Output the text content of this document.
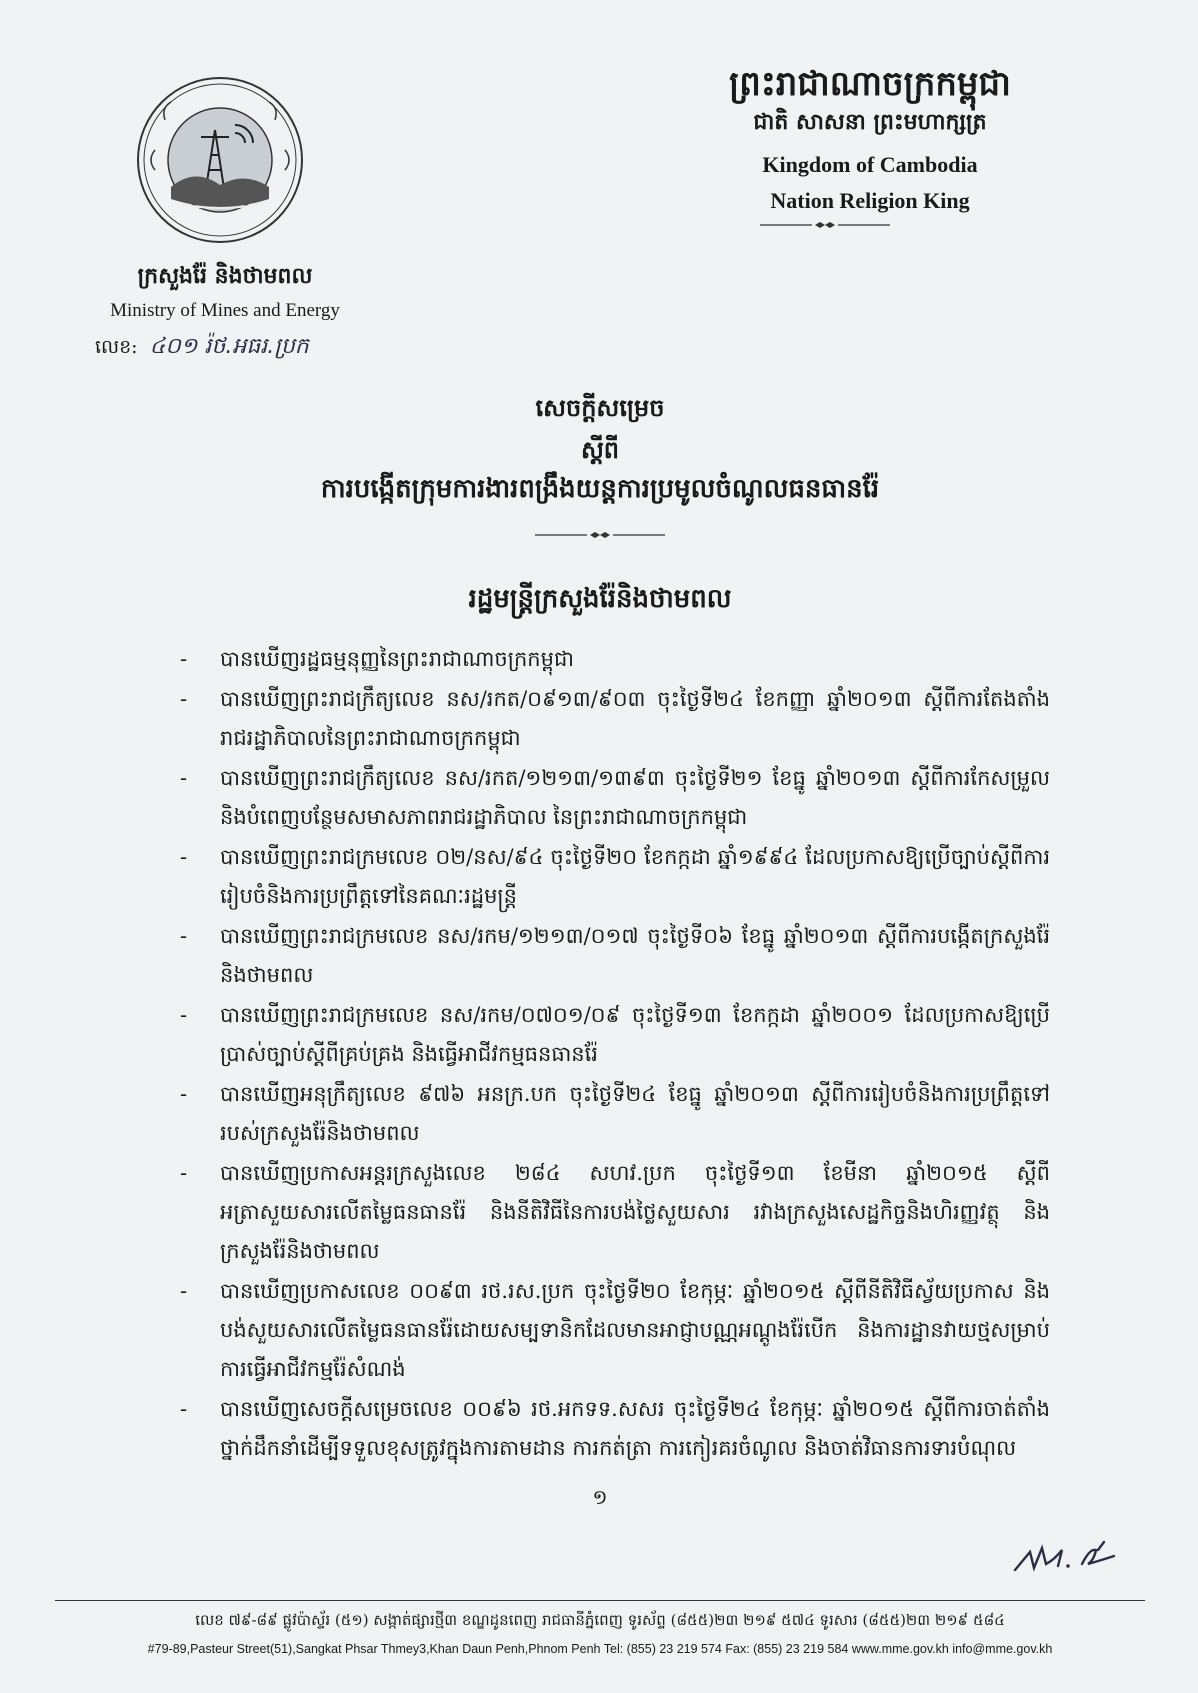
ក្រសួងរ៉ែ និងថាមពល
Ministry of Mines and Energy
លេខ: ៤០១ រ៉ថ.អធរ.ប្រក
ព្រះរាជាណាចក្រកម្ពុជា
ជាតិ សាសនា ព្រះមហាក្សត្រ
Kingdom of Cambodia
Nation Religion King
សេចក្តីសម្រេច
ស្តីពី
ការបង្កើតក្រុមការងារពង្រឹងយន្តការប្រមូលចំណូលធនធានរ៉ែ
រដ្ឋមន្ត្រីក្រសួងរ៉ែនិងថាមពល
- បានឃើញរដ្ឋធម្មនុញ្ញនៃព្រះរាជាណាចក្រកម្ពុជា
- បានឃើញព្រះរាជក្រឹត្យលេខ នស/រកត/០៩១៣/៩០៣ ចុះថ្ងៃទី២៤ ខែកញ្ញា ឆ្នាំ២០១៣ ស្តីពីការតែងតាំងរាជរដ្ឋាភិបាលនៃព្រះរាជាណាចក្រកម្ពុជា
- បានឃើញព្រះរាជក្រឹត្យលេខ នស/រកត/១២១៣/១៣៩៣ ចុះថ្ងៃទី២១ ខែធ្នូ ឆ្នាំ២០១៣ ស្តីពីការកែសម្រួលនិងបំពេញបន្ថែមសមាសភាពរាជរដ្ឋាភិបាល នៃព្រះរាជាណាចក្រកម្ពុជា
- បានឃើញព្រះរាជក្រមលេខ ០២/នស/៩៤ ចុះថ្ងៃទី២០ ខែកក្កដា ឆ្នាំ១៩៩៤ ដែលប្រកាសឱ្យប្រើច្បាប់ស្តីពីការរៀបចំនិងការប្រព្រឹត្តទៅនៃគណៈរដ្ឋមន្ត្រី
- បានឃើញព្រះរាជក្រមលេខ នស/រកម/១២១៣/០១៧ ចុះថ្ងៃទី០៦ ខែធ្នូ ឆ្នាំ២០១៣ ស្តីពីការបង្កើតក្រសួងរ៉ែនិងថាមពល
- បានឃើញព្រះរាជក្រមលេខ នស/រកម/០៧០១/០៩ ចុះថ្ងៃទី១៣ ខែកក្កដា ឆ្នាំ២០០១ ដែលប្រកាសឱ្យប្រើប្រាស់ច្បាប់ស្តីពីគ្រប់គ្រង និងធ្វើអាជីវកម្មធនធានរ៉ែ
- បានឃើញអនុក្រឹត្យលេខ ៩៧៦ អនក្រ.បក ចុះថ្ងៃទី២៤ ខែធ្នូ ឆ្នាំ២០១៣ ស្តីពីការរៀបចំនិងការប្រព្រឹត្តទៅរបស់ក្រសួងរ៉ែនិងថាមពល
- បានឃើញប្រកាសអន្តរក្រសួងលេខ ២៨៤ សហវ.ប្រក ចុះថ្ងៃទី១៣ ខែមីនា ឆ្នាំ២០១៥ ស្តីពីអត្រាសួយសារលើតម្លៃធនធានរ៉ែ និងនីតិវិធីនៃការបង់ថ្លៃសួយសារ រវាងក្រសួងសេដ្ឋកិច្ចនិងហិរញ្ញវត្ថុ និងក្រសួងរ៉ែនិងថាមពល
- បានឃើញប្រកាសលេខ ០០៩៣ រថ.រស.ប្រក ចុះថ្ងៃទី២០ ខែកុម្ភៈ ឆ្នាំ២០១៥ ស្តីពីនីតិវិធីស្វ័យប្រកាស និងបង់សួយសារលើតម្លៃធនធានរ៉ែដោយសម្បទានិកដែលមានអាជ្ញាបណ្ណអណ្តូងរ៉ែបើក និងការដ្ឋានវាយថ្មសម្រាប់ការធ្វើអាជីវកម្មរ៉ែសំណង់
- បានឃើញសេចក្តីសម្រេចលេខ ០០៩៦ រថ.អកទទ.សសរ ចុះថ្ងៃទី២៤ ខែកុម្ភៈ ឆ្នាំ២០១៥ ស្តីពីការចាត់តាំងថ្នាក់ដឹកនាំដើម្បីទទួលខុសត្រូវក្នុងការតាមដាន ការកត់ត្រា ការកៀរគរចំណូល និងចាត់វិធានការទារបំណុល
១
លេខ ៧៩-៨៩ ផ្លូវប៉ាស្ទ័រ (៥១) សង្កាត់ផ្សារថ្មី៣ ខណ្ឌដូនពេញ រាជធានីភ្នំពេញ ទូរស័ព្ទ (៨៥៥)២៣ ២១៩ ៥៧៤ ទូរសារ (៨៥៥)២៣ ២១៩ ៥៨៤
#79-89,Pasteur Street(51),Sangkat Phsar Thmey3,Khan Daun Penh,Phnom Penh Tel: (855) 23 219 574 Fax: (855) 23 219 584 www.mme.gov.kh info@mme.gov.kh
